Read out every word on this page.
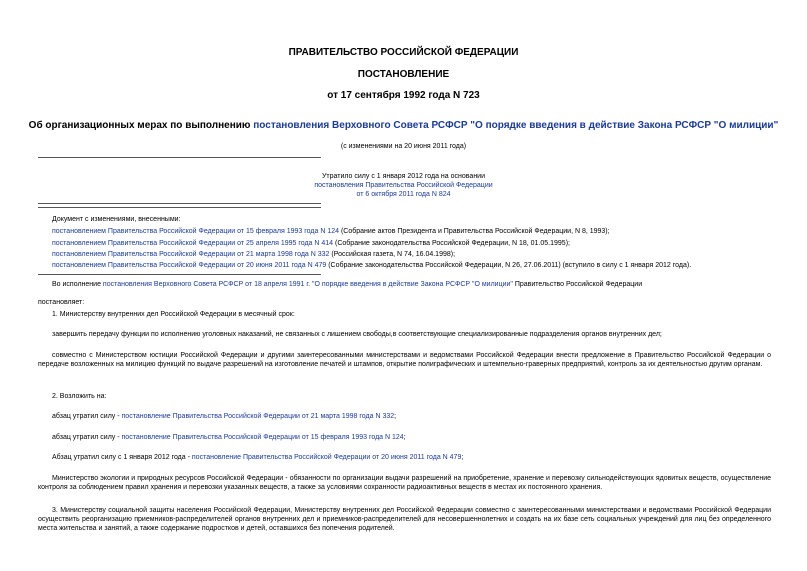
ПРАВИТЕЛЬСТВО РОССИЙСКОЙ ФЕДЕРАЦИИ
ПОСТАНОВЛЕНИЕ
от 17 сентября 1992 года N 723
Об организационных мерах по выполнению постановления Верховного Совета РСФСР "О порядке введения в действие Закона РСФСР "О милиции"
(с изменениями на 20 июня 2011 года)
Утратило силу с 1 января 2012 года на основании
постановления Правительства Российской Федерации
от 6 октября 2011 года N 824
Документ с изменениями, внесенными:
постановлением Правительства Российской Федерации от 15 февраля 1993 года N 124 (Собрание актов Президента и Правительства Российской Федерации, N 8, 1993);
постановлением Правительства Российской Федерации от 25 апреля 1995 года N 414 (Собрание законодательства Российской Федерации, N 18, 01.05.1995);
постановлением Правительства Российской Федерации от 21 марта 1998 года N 332 (Российская газета, N 74, 16.04.1998);
постановлением Правительства Российской Федерации от 20 июня 2011 года N 479 (Собрание законодательства Российской Федерации, N 26, 27.06.2011) (вступило в силу с 1 января 2012 года).
Во исполнение постановления Верховного Совета РСФСР от 18 апреля 1991 г. "О порядке введения в действие Закона РСФСР "О милиции" Правительство Российской Федерации
постановляет:
1. Министерству внутренних дел Российской Федерации в месячный срок:
завершить передачу функции по исполнению уголовных наказаний, не связанных с лишением свободы,в соответствующие специализированные подразделения органов внутренних дел;
совместно с Министерством юстиции Российской Федерации и другими заинтересованными министерствами и ведомствами Российской Федерации внести предложение в Правительство Российской Федерации о передаче возложенных на милицию функций по выдаче разрешений на изготовление печатей и штампов, открытие полиграфических и штемпельно-граверных предприятий, контроль за их деятельностью другим органам.
2. Возложить на:
абзац утратил силу - постановление Правительства Российской Федерации от 21 марта 1998 года N 332;
абзац утратил силу - постановление Правительства Российской Федерации от 15 февраля 1993 года N 124;
Абзац утратил силу с 1 января 2012 года - постановление Правительства Российской Федерации от 20 июня 2011 года N 479;
Министерство экологии и природных ресурсов Российской Федерации - обязанности по организации выдачи разрешений на приобретение, хранение и перевозку сильнодействующих ядовитых веществ, осуществление контроля за соблюдением правил хранения и перевозки указанных веществ, а также за условиями сохранности радиоактивных веществ в местах их постоянного хранения.
3. Министерству социальной защиты населения Российской Федерации, Министерству внутренних дел Российской Федерации совместно с заинтересованными министерствами и ведомствами Российской Федерации осуществить реорганизацию приемников-распределителей органов внутренних дел и приемников-распределителей для несовершеннолетних и создать на их базе сеть социальных учреждений для лиц без определенного места жительства и занятий, а также содержание подростков и детей, оставшихся без попечения родителей.
